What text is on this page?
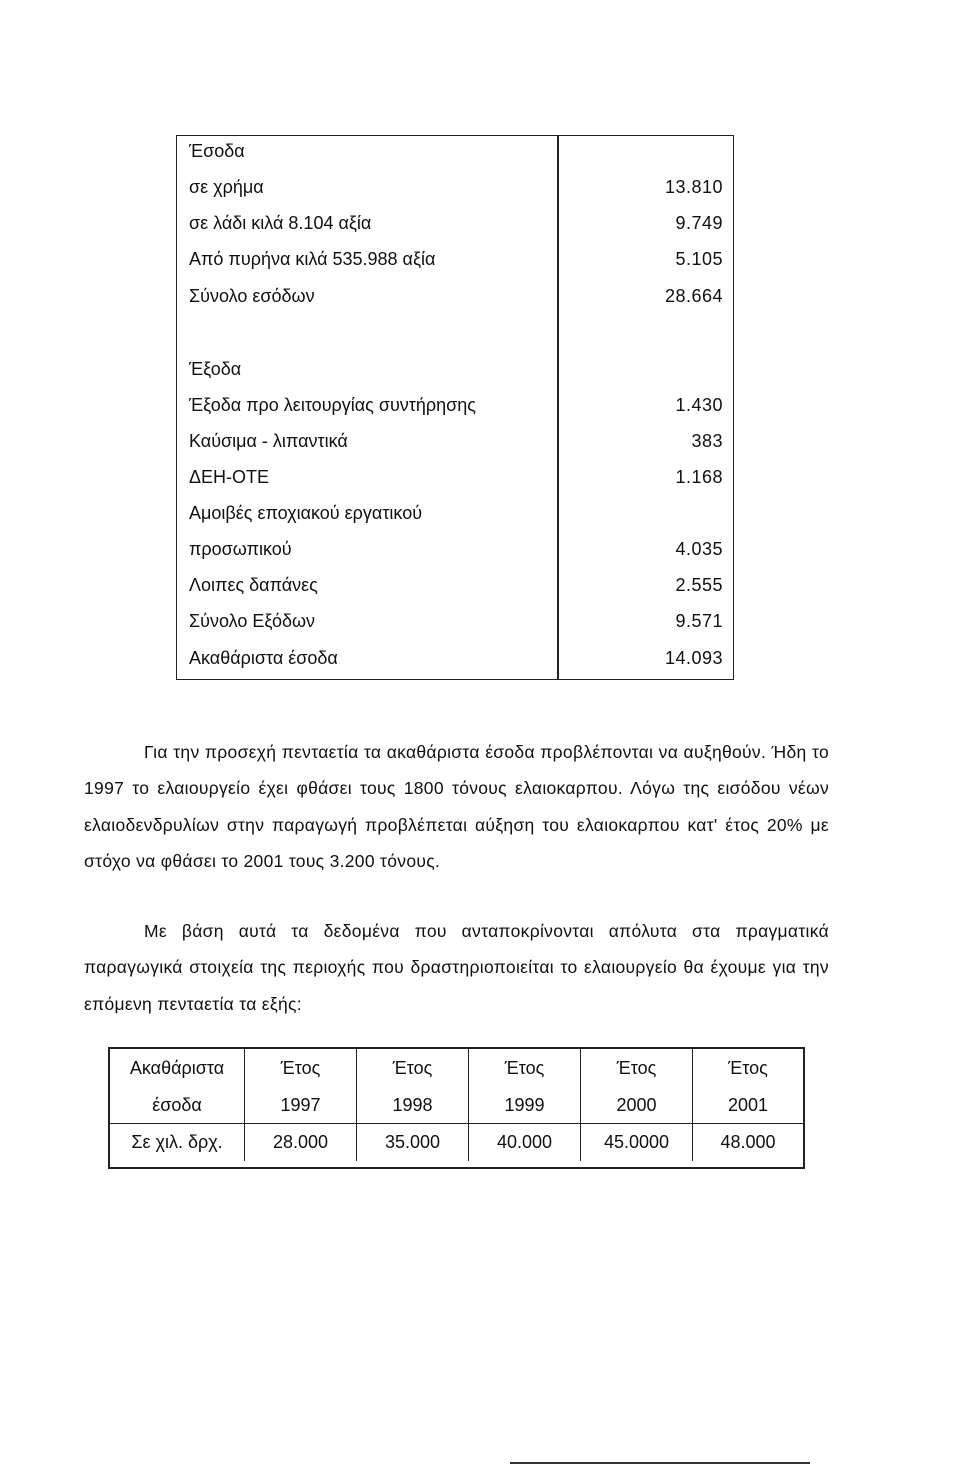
Έσοδα
σε χρήμα	13.810
σε λάδι κιλά 8.104 αξία	9.749
Από πυρήνα κιλά 535.988 αξία	5.105
Σύνολο εσόδων	28.664
Έξοδα
Έξοδα προ λειτουργίας συντήρησης	1.430
Καύσιμα - λιπαντικά	383
ΔΕΗ-ΟΤΕ	1.168
Αμοιβές εποχιακού εργατικού
προσωπικού	4.035
Λοιπες δαπάνες	2.555
Σύνολο Εξόδων	9.571
Ακαθάριστα έσοδα	14.093

Για την προσεχή πενταετία τα ακαθάριστα έσοδα προβλέπονται να αυξηθούν. Ήδη το 1997 το ελαιουργείο έχει φθάσει τους 1800 τόνους ελαιοκαρπου. Λόγω της εισόδου νέων ελαιοδενδρυλίων στην παραγωγή προβλέπεται αύξηση του ελαιοκαρπου κατ' έτος 20% με στόχο να φθάσει το 2001 τους 3.200 τόνους.

Με βάση αυτά τα δεδομένα που ανταποκρίνονται απόλυτα στα πραγματικά παραγωγικά στοιχεία της περιοχής που δραστηριοποιείται το ελαιουργείο θα έχουμε για την επόμενη πενταετία τα εξής:

Ακαθάριστα	Έτος	Έτος	Έτος	Έτος	Έτος
έσοδα	1997	1998	1999	2000	2001
Σε χιλ. δρχ.	28.000	35.000	40.000	45.0000	48.000
